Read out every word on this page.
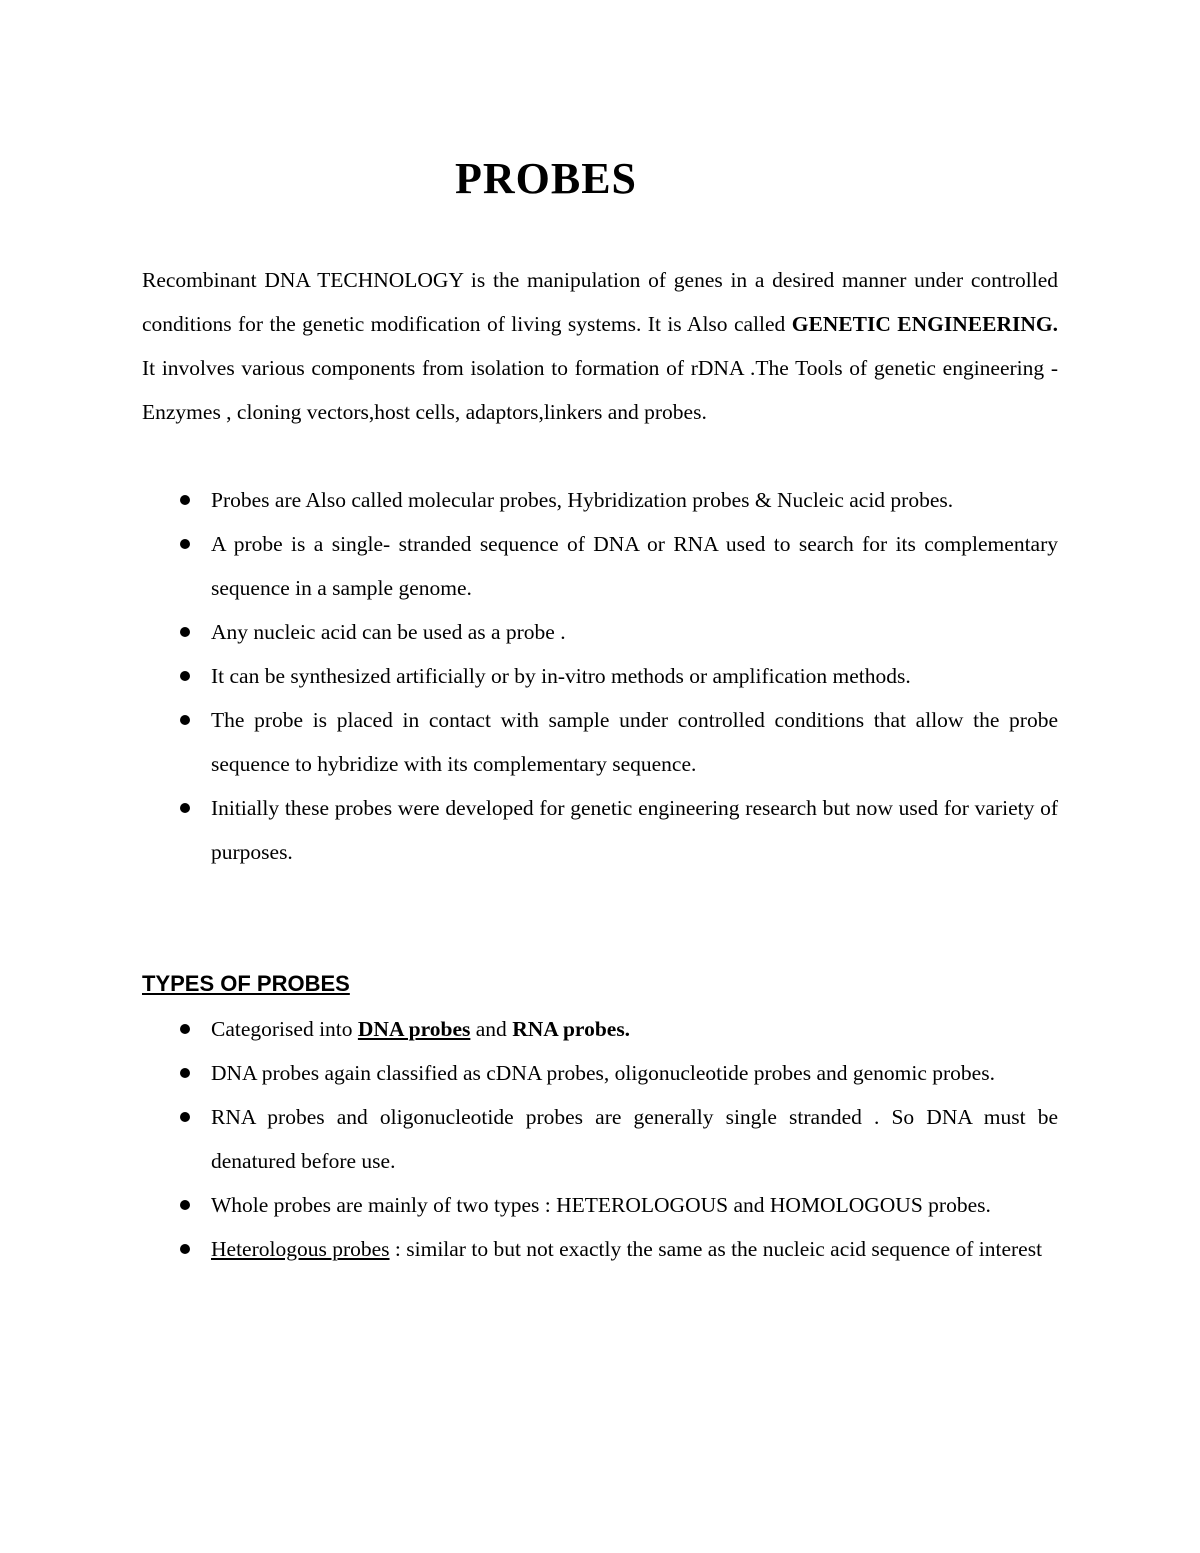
PROBES

Recombinant DNA TECHNOLOGY is the manipulation of genes in a desired manner under controlled conditions for the genetic modification of living systems. It is Also called GENETIC ENGINEERING. It involves various components from isolation to formation of rDNA .The Tools of genetic engineering -Enzymes , cloning vectors,host cells, adaptors,linkers and probes.

Probes are Also called molecular probes, Hybridization probes & Nucleic acid probes.
A probe is a single- stranded sequence of DNA or RNA used to search for its complementary sequence in a sample genome.
Any nucleic acid can be used as a probe .
It can be synthesized artificially or by in-vitro methods or amplification methods.
The probe is placed in contact with sample under controlled conditions that allow the probe sequence to hybridize with its complementary sequence.
Initially these probes were developed for genetic engineering research but now used for variety of purposes.
TYPES OF PROBES
Categorised into DNA probes and RNA probes.
DNA probes again classified as cDNA probes, oligonucleotide probes and genomic probes.
RNA probes and oligonucleotide probes are generally single stranded . So DNA must be denatured before use.
Whole probes are mainly of two types : HETEROLOGOUS and HOMOLOGOUS probes.
Heterologous probes : similar to but not exactly the same as the nucleic acid sequence of interest
